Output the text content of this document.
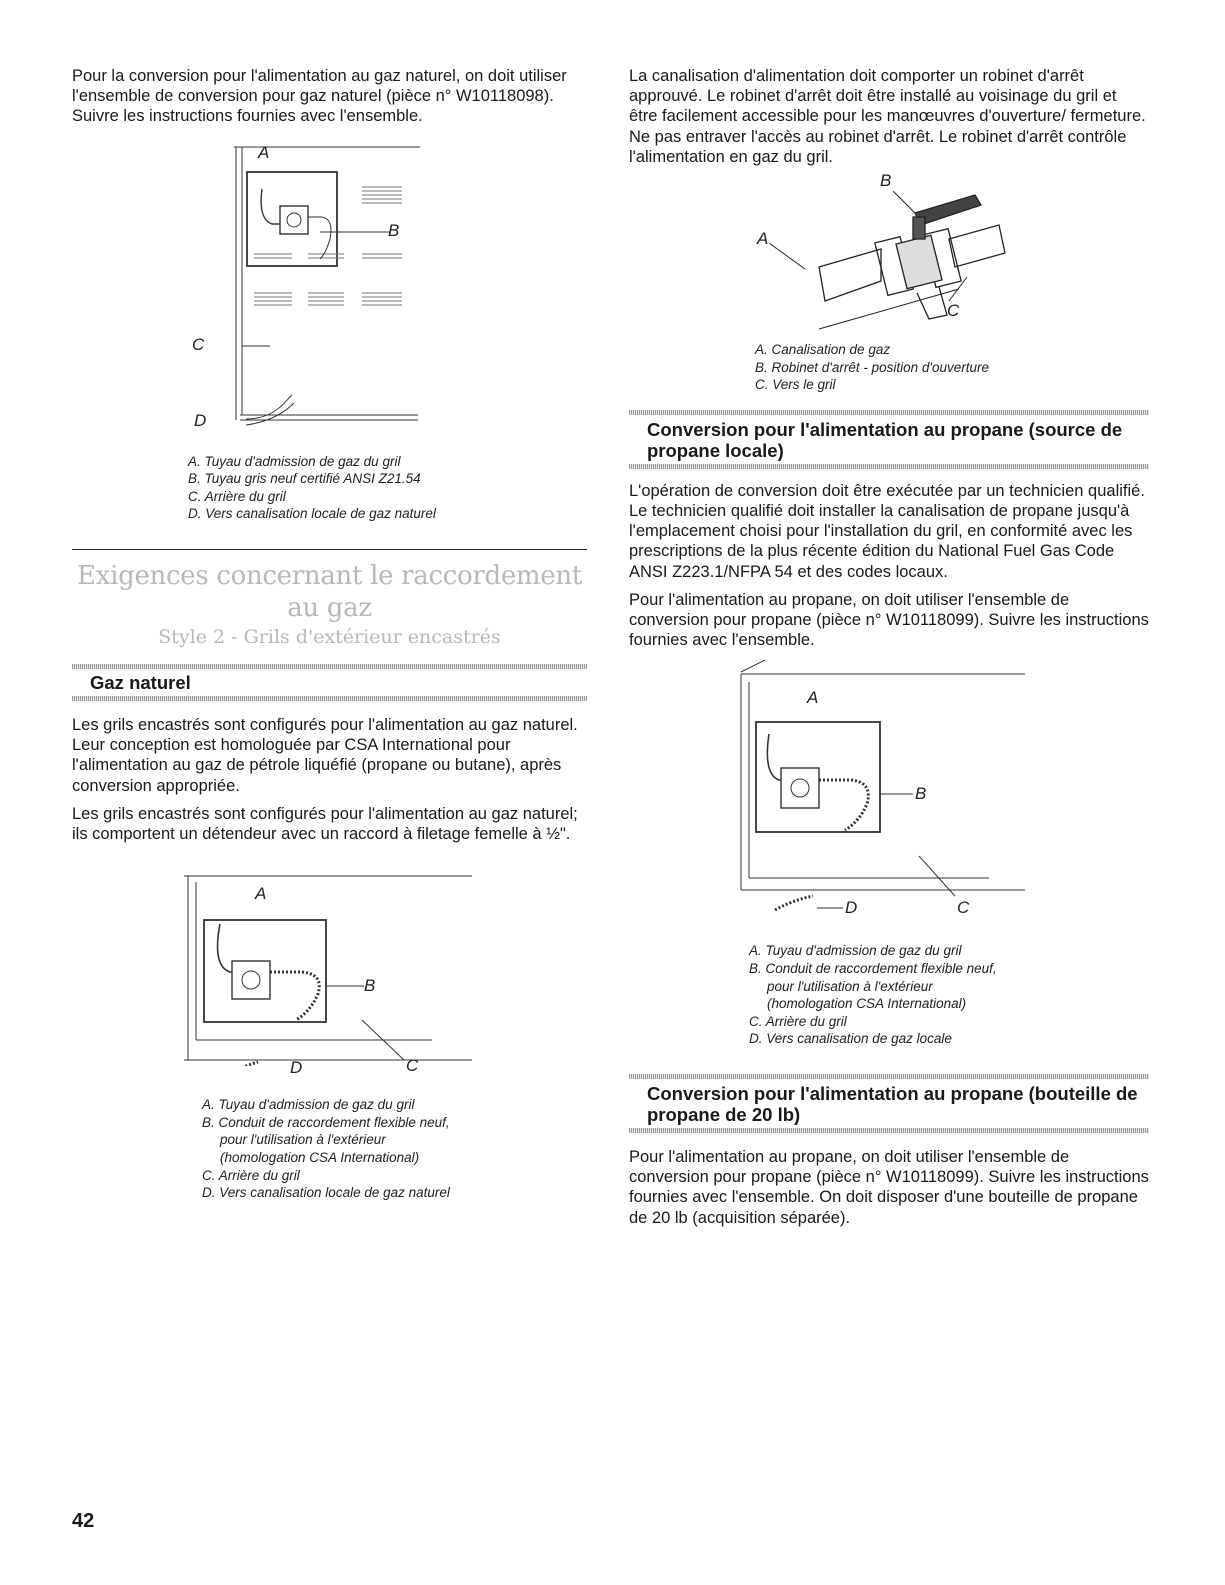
Pour la conversion pour l'alimentation au gaz naturel, on doit utiliser l'ensemble de conversion pour gaz naturel (pièce n° W10118098). Suivre les instructions fournies avec l'ensemble.

A
B
C
D
A. Tuyau d'admission de gaz du gril
B. Tuyau gris neuf certifié ANSI Z21.54
C. Arrière du gril
D. Vers canalisation locale de gaz naturel
Exigences concernant le raccordement au gaz
Style 2 - Grils d'extérieur encastrés
Gaz naturel

Les grils encastrés sont configurés pour l'alimentation au gaz naturel. Leur conception est homologuée par CSA International pour l'alimentation au gaz de pétrole liquéfié (propane ou butane), après conversion appropriée.

Les grils encastrés sont configurés pour l'alimentation au gaz naturel; ils comportent un détendeur avec un raccord à filetage femelle à ½".

A
B
C
D
A. Tuyau d'admission de gaz du gril
B. Conduit de raccordement flexible neuf,
pour l'utilisation à l'extérieur
(homologation CSA International)
C. Arrière du gril
D. Vers canalisation locale de gaz naturel

La canalisation d'alimentation doit comporter un robinet d'arrêt approuvé. Le robinet d'arrêt doit être installé au voisinage du gril et être facilement accessible pour les manœuvres d'ouverture/ fermeture. Ne pas entraver l'accès au robinet d'arrêt. Le robinet d'arrêt contrôle l'alimentation en gaz du gril.

A
B
C
A. Canalisation de gaz
B. Robinet d'arrêt - position d'ouverture
C. Vers le gril
Conversion pour l'alimentation au propane (source de propane locale)

L'opération de conversion doit être exécutée par un technicien qualifié. Le technicien qualifié doit installer la canalisation de propane jusqu'à l'emplacement choisi pour l'installation du gril, en conformité avec les prescriptions de la plus récente édition du National Fuel Gas Code ANSI Z223.1/NFPA 54 et des codes locaux.

Pour l'alimentation au propane, on doit utiliser l'ensemble de conversion pour propane (pièce n° W10118099). Suivre les instructions fournies avec l'ensemble.

A
B
C
D
A. Tuyau d'admission de gaz du gril
B. Conduit de raccordement flexible neuf,
pour l'utilisation à l'extérieur
(homologation CSA International)
C. Arrière du gril
D. Vers canalisation de gaz locale
Conversion pour l'alimentation au propane (bouteille de propane de 20 lb)

Pour l'alimentation au propane, on doit utiliser l'ensemble de conversion pour propane (pièce n° W10118099). Suivre les instructions fournies avec l'ensemble. On doit disposer d'une bouteille de propane de 20 lb (acquisition séparée).

42
